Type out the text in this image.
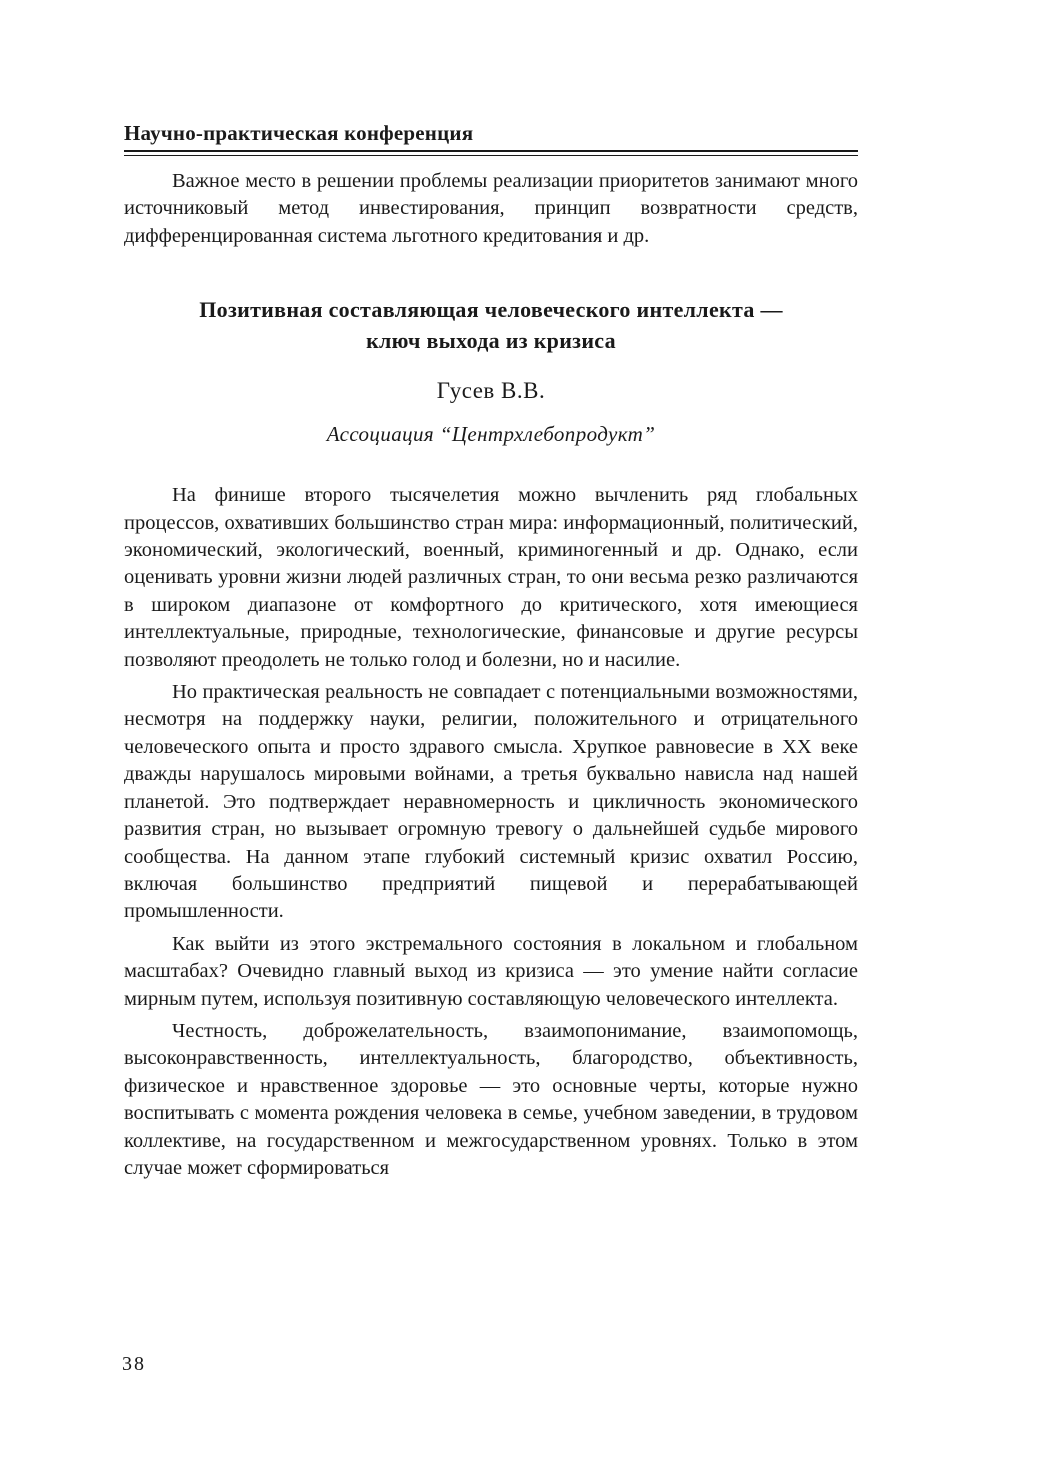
Научно-практическая конференция

Важное место в решении проблемы реализации приоритетов занимают много источниковый метод инвестирования, принцип возвратности средств, дифференцированная система льготного кредитования и др.

Позитивная составляющая человеческого интеллекта —
ключ выхода из кризиса
Гусев В.В.
Ассоциация “Центрхлебопродукт”

На финише второго тысячелетия можно вычленить ряд глобальных процессов, охвативших большинство стран мира: информационный, политический, экономический, экологический, военный, криминогенный и др. Однако, если оценивать уровни жизни людей различных стран, то они весьма резко различаются в широком диапазоне от комфортного до критического, хотя имеющиеся интеллектуальные, природные, технологические, финансовые и другие ресурсы позволяют преодолеть не только голод и болезни, но и насилие.

Но практическая реальность не совпадает с потенциальными возможностями, несмотря на поддержку науки, религии, положительного и отрицательного человеческого опыта и просто здравого смысла. Хрупкое равновесие в XX веке дважды нарушалось мировыми войнами, а третья буквально нависла над нашей планетой. Это подтверждает неравномерность и цикличность экономического развития стран, но вызывает огромную тревогу о дальнейшей судьбе мирового сообщества. На данном этапе глубокий системный кризис охватил Россию, включая большинство предприятий пищевой и перерабатывающей промышленности.

Как выйти из этого экстремального состояния в локальном и глобальном масштабах? Очевидно главный выход из кризиса — это умение найти согласие мирным путем, используя позитивную составляющую человеческого интеллекта.

Честность, доброжелательность, взаимопонимание, взаимопомощь, высоконравственность, интеллектуальность, благородство, объективность, физическое и нравственное здоровье — это основные черты, которые нужно воспитывать с момента рождения человека в семье, учебном заведении, в трудовом коллективе, на государственном и межгосударственном уровнях. Только в этом случае может сформироваться

38
